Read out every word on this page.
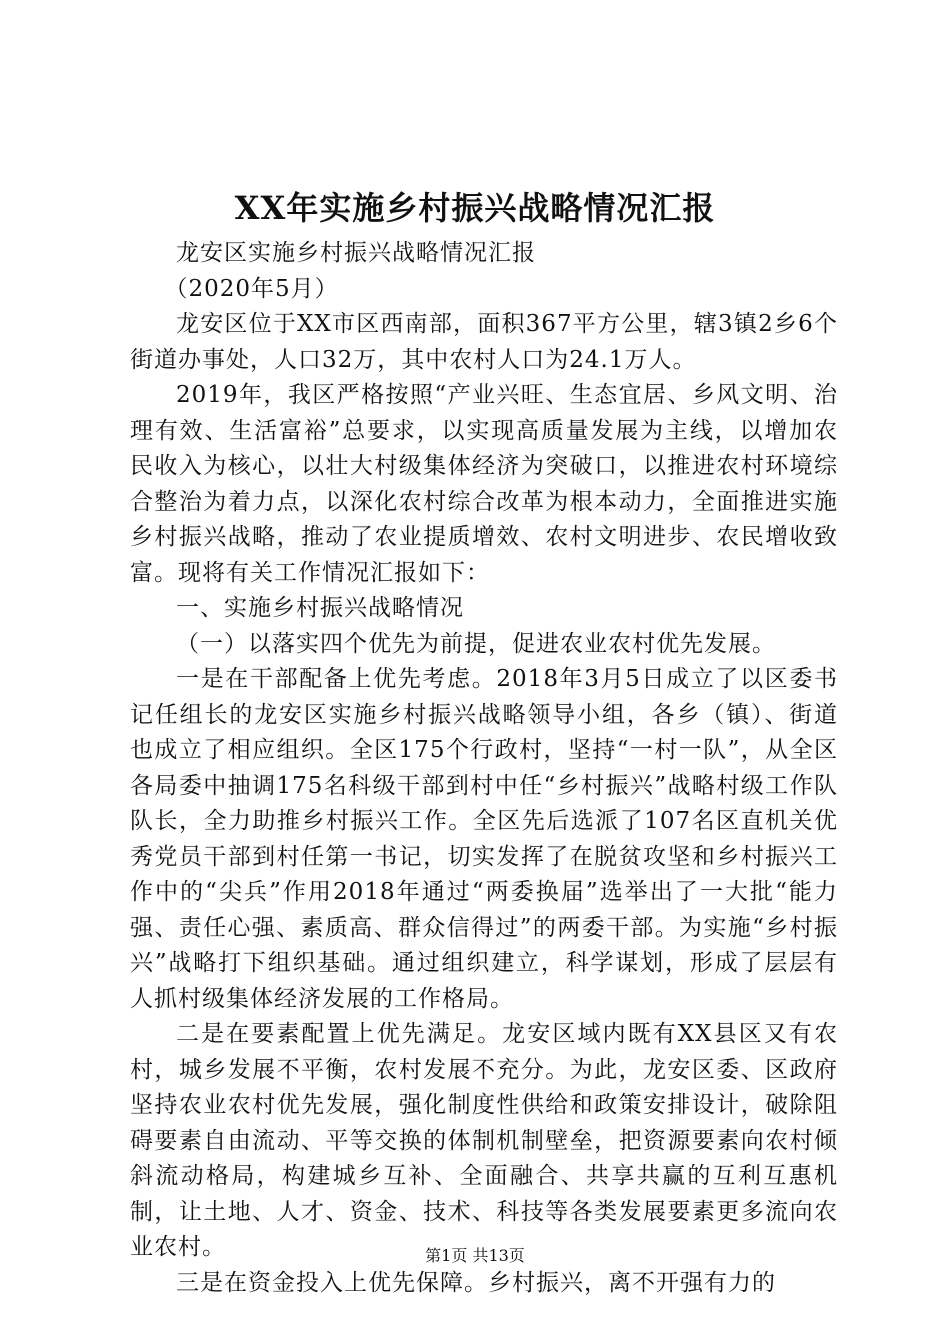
XX年实施乡村振兴战略情况汇报

龙安区实施乡村振兴战略情况汇报

（2020年5月）

龙安区位于XX市区西南部，面积367平方公里，辖3镇2乡6个街道办事处，人口32万，其中农村人口为24.1万人。

2019年，我区严格按照“产业兴旺、生态宜居、乡风文明、治理有效、生活富裕”总要求，以实现高质量发展为主线，以增加农民收入为核心，以壮大村级集体经济为突破口，以推进农村环境综合整治为着力点，以深化农村综合改革为根本动力，全面推进实施乡村振兴战略，推动了农业提质增效、农村文明进步、农民增收致富。现将有关工作情况汇报如下：

一、实施乡村振兴战略情况

（一）以落实四个优先为前提，促进农业农村优先发展。

一是在干部配备上优先考虑。2018年3月5日成立了以区委书记任组长的龙安区实施乡村振兴战略领导小组，各乡（镇）、街道也成立了相应组织。全区175个行政村，坚持“一村一队”，从全区各局委中抽调175名科级干部到村中任“乡村振兴”战略村级工作队队长，全力助推乡村振兴工作。全区先后选派了107名区直机关优秀党员干部到村任第一书记，切实发挥了在脱贫攻坚和乡村振兴工作中的“尖兵”作用2018年通过“两委换届”选举出了一大批“能力强、责任心强、素质高、群众信得过”的两委干部。为实施“乡村振兴”战略打下组织基础。通过组织建立，科学谋划，形成了层层有人抓村级集体经济发展的工作格局。

二是在要素配置上优先满足。龙安区域内既有XX县区又有农村，城乡发展不平衡，农村发展不充分。为此，龙安区委、区政府坚持农业农村优先发展，强化制度性供给和政策安排设计，破除阻碍要素自由流动、平等交换的体制机制壁垒，把资源要素向农村倾斜流动格局，构建城乡互补、全面融合、共享共赢的互利互惠机制，让土地、人才、资金、技术、科技等各类发展要素更多流向农业农村。

三是在资金投入上优先保障。乡村振兴，离不开强有力的

第1页 共13页
